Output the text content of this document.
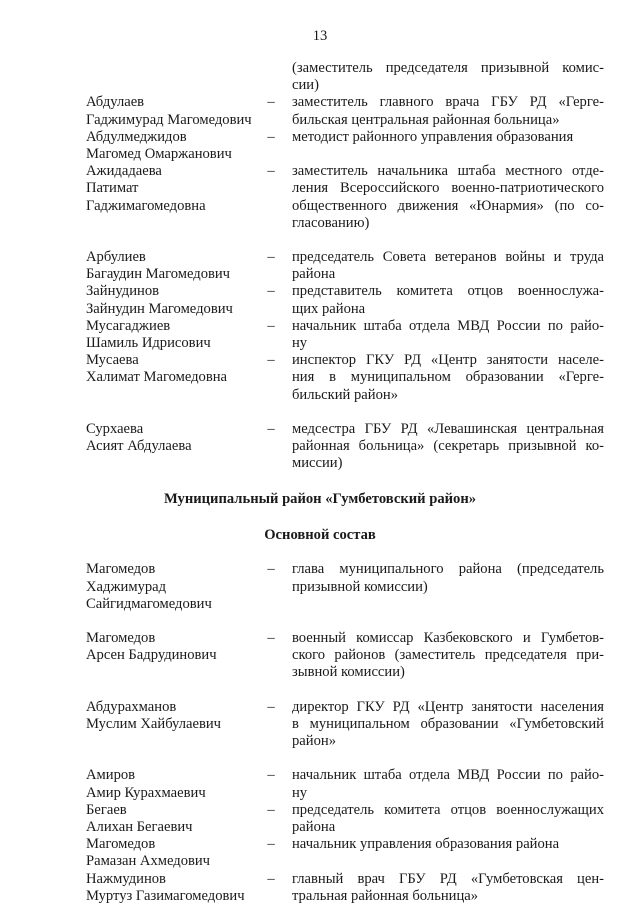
13
(заместитель председателя призывной комис-
сии)
Абдулаев
Гаджимурад Магомедович
–	заместитель главного врача ГБУ РД «Герге-
бильская центральная районная больница»
Абдулмеджидов
Магомед Омаржанович
–	методист районного управления образования
Ажидадаева
Патимат
Гаджимагомедовна
–	заместитель начальника штаба местного отде-
ления Всероссийского военно-патриотического
общественного движения «Юнармия» (по со-
гласованию)
Арбулиев
Багаудин Магомедович
–	председатель Совета ветеранов войны и труда
района
Зайнудинов
Зайнудин Магомедович
–	представитель комитета отцов военнослужа-
щих района
Мусагаджиев
Шамиль Идрисович
–	начальник штаба отдела МВД России по райо-
ну
Мусаева
Халимат Магомедовна
–	инспектор ГКУ РД «Центр занятости населе-
ния в муниципальном образовании «Герге-
бильский район»
Сурхаева
Асият Абдулаева
–	медсестра ГБУ РД «Левашинская центральная
районная больница» (секретарь призывной ко-
миссии)
Муниципальный район «Гумбетовский район»
Основной состав
Магомедов
Хаджимурад
Сайгидмагомедович
–	глава муниципального района (председатель
призывной комиссии)
Магомедов
Арсен Бадрудинович
–	военный комиссар Казбековского и Гумбетов-
ского районов (заместитель председателя при-
зывной комиссии)
Абдурахманов
Муслим Хайбулаевич
–	директор ГКУ РД «Центр занятости населения
в муниципальном образовании «Гумбетовский
район»
Амиров
Амир Курахмаевич
–	начальник штаба отдела МВД России по райо-
ну
Бегаев
Алихан Бегаевич
–	председатель комитета отцов военнослужащих
района
Магомедов
Рамазан Ахмедович
–	начальник управления образования района
Нажмудинов
Муртуз Газимагомедович
–	главный врач ГБУ РД «Гумбетовская цен-
тральная районная больница»
